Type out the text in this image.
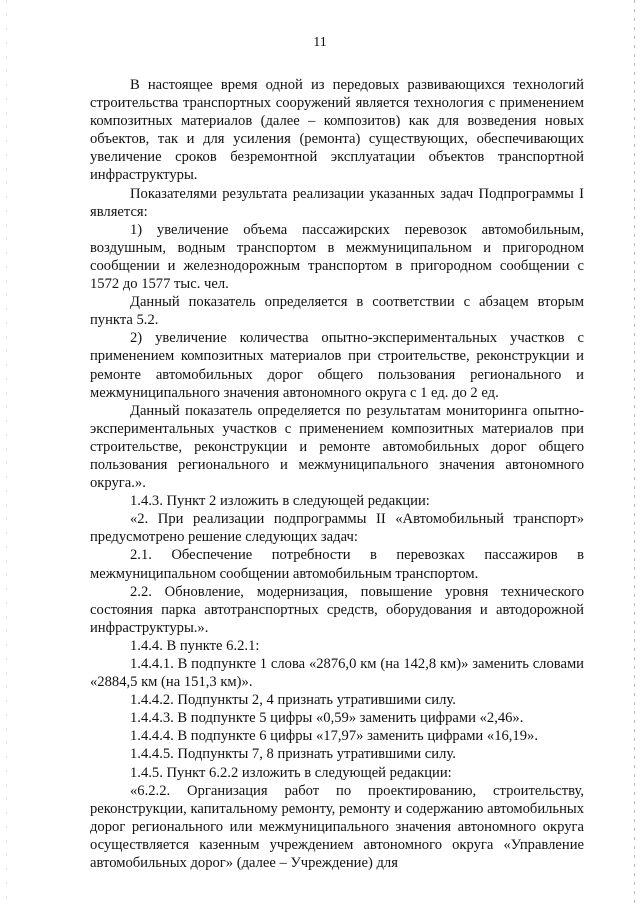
11

В настоящее время одной из передовых развивающихся технологий строительства транспортных сооружений является технология с применением композитных материалов (далее – композитов) как для возведения новых объектов, так и для усиления (ремонта) существующих, обеспечивающих увеличение сроков безремонтной эксплуатации объектов транспортной инфраструктуры.

Показателями результата реализации указанных задач Подпрограммы I является:

1) увеличение объема пассажирских перевозок автомобильным, воздушным, водным транспортом в межмуниципальном и пригородном сообщении и железнодорожным транспортом в пригородном сообщении с 1572 до 1577 тыс. чел.

Данный показатель определяется в соответствии с абзацем вторым пункта 5.2.

2) увеличение количества опытно-экспериментальных участков с применением композитных материалов при строительстве, реконструкции и ремонте автомобильных дорог общего пользования регионального и межмуниципального значения автономного округа с 1 ед. до 2 ед.

Данный показатель определяется по результатам мониторинга опытно-экспериментальных участков с применением композитных материалов при строительстве, реконструкции и ремонте автомобильных дорог общего пользования регионального и межмуниципального значения автономного округа.».

1.4.3. Пункт 2 изложить в следующей редакции:

«2. При реализации подпрограммы II «Автомобильный транспорт» предусмотрено решение следующих задач:

2.1. Обеспечение потребности в перевозках пассажиров в межмуниципальном сообщении автомобильным транспортом.

2.2. Обновление, модернизация, повышение уровня технического состояния парка автотранспортных средств, оборудования и автодорожной инфраструктуры.».

1.4.4. В пункте 6.2.1:

1.4.4.1. В подпункте 1 слова «2876,0 км (на 142,8 км)» заменить словами «2884,5 км (на 151,3 км)».

1.4.4.2. Подпункты 2, 4 признать утратившими силу.

1.4.4.3. В подпункте 5 цифры «0,59» заменить цифрами «2,46».

1.4.4.4. В подпункте 6 цифры «17,97» заменить цифрами «16,19».

1.4.4.5. Подпункты 7, 8 признать утратившими силу.

1.4.5. Пункт 6.2.2 изложить в следующей редакции:

«6.2.2. Организация работ по проектированию, строительству, реконструкции, капитальному ремонту, ремонту и содержанию автомобильных дорог регионального или межмуниципального значения автономного округа осуществляется казенным учреждением автономного округа «Управление автомобильных дорог» (далее – Учреждение) для
